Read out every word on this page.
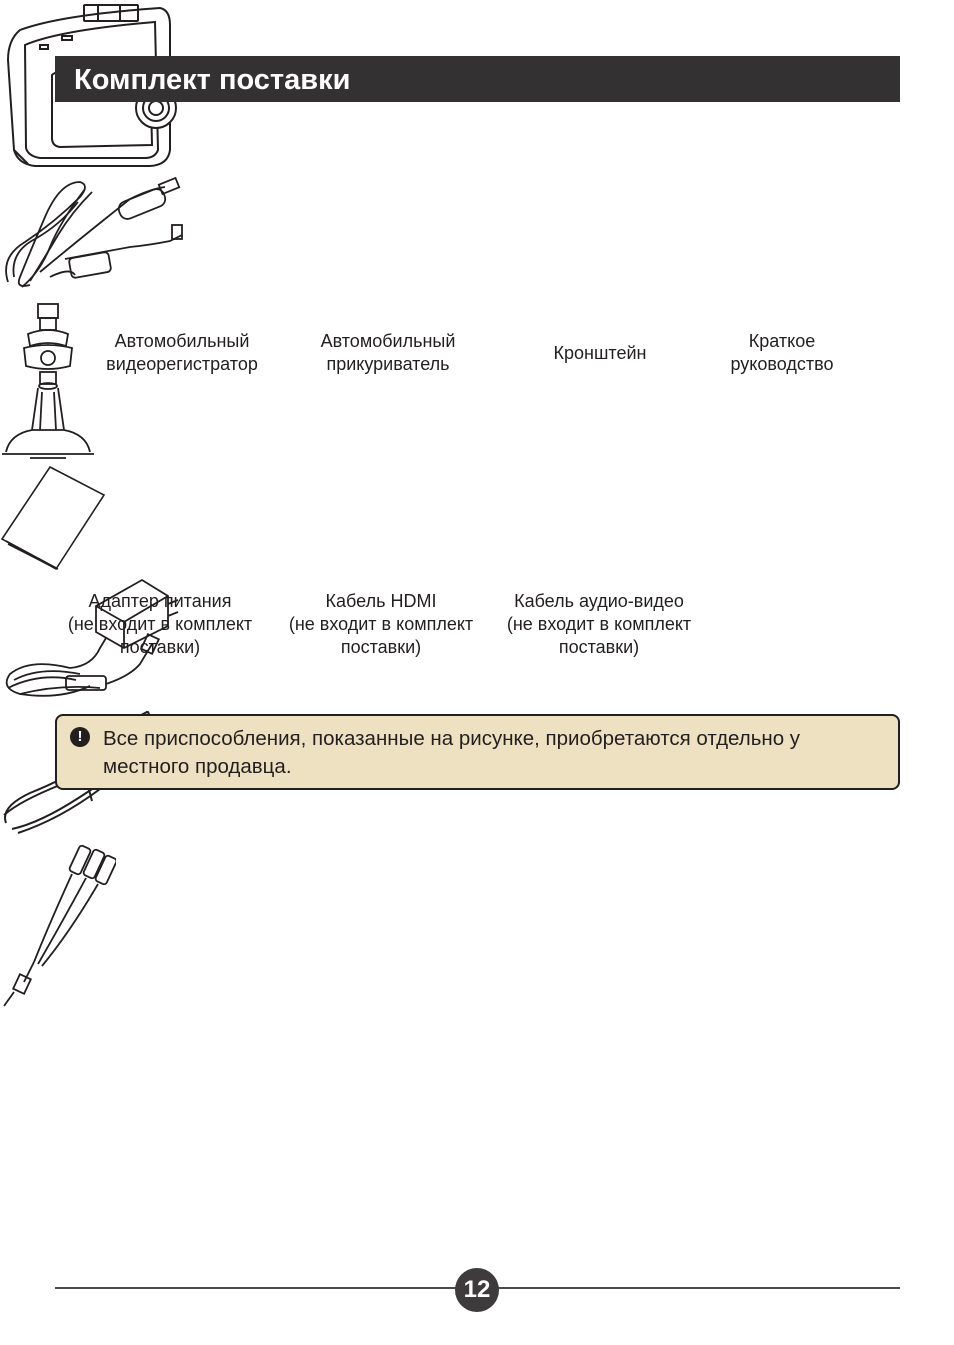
Комплект поставки
Автомобильный
видеорегистратор
Автомобильный
прикуриватель
Кронштейн
Краткое
руководство
Адаптер питания
(не входит в комплект
поставки)
Кабель HDMI
(не входит в комплект
поставки)
Кабель аудио-видео
(не входит в комплект
поставки)
!	Все приспособления, показанные на рисунке, приобретаются отдельно у местного продавца.
12
